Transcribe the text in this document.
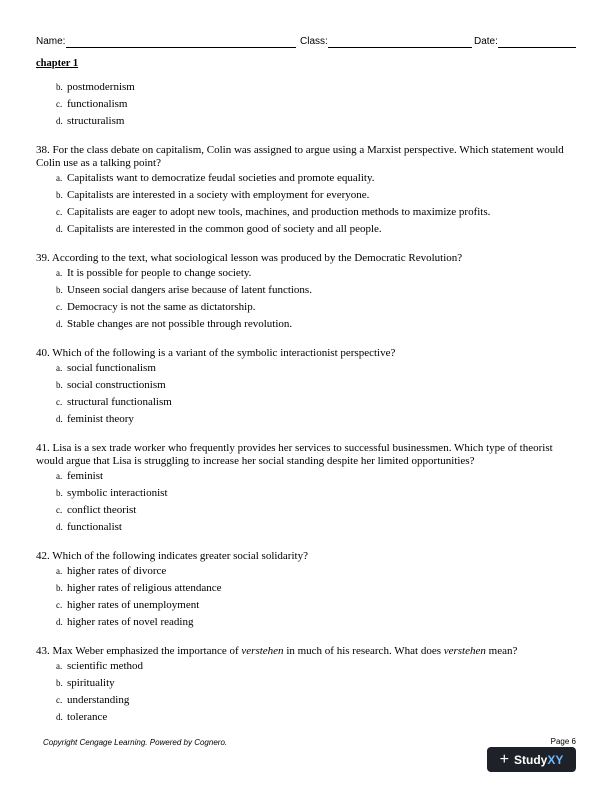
Name:	Class:	Date:
chapter 1
b. postmodernism
c. functionalism
d. structuralism
38. For the class debate on capitalism, Colin was assigned to argue using a Marxist perspective. Which statement would Colin use as a talking point?
a. Capitalists want to democratize feudal societies and promote equality.
b. Capitalists are interested in a society with employment for everyone.
c. Capitalists are eager to adopt new tools, machines, and production methods to maximize profits.
d. Capitalists are interested in the common good of society and all people.
39. According to the text, what sociological lesson was produced by the Democratic Revolution?
a. It is possible for people to change society.
b. Unseen social dangers arise because of latent functions.
c. Democracy is not the same as dictatorship.
d. Stable changes are not possible through revolution.
40. Which of the following is a variant of the symbolic interactionist perspective?
a. social functionalism
b. social constructionism
c. structural functionalism
d. feminist theory
41. Lisa is a sex trade worker who frequently provides her services to successful businessmen. Which type of theorist would argue that Lisa is struggling to increase her social standing despite her limited opportunities?
a. feminist
b. symbolic interactionist
c. conflict theorist
d. functionalist
42. Which of the following indicates greater social solidarity?
a. higher rates of divorce
b. higher rates of religious attendance
c. higher rates of unemployment
d. higher rates of novel reading
43. Max Weber emphasized the importance of verstehen in much of his research. What does verstehen mean?
a. scientific method
b. spirituality
c. understanding
d. tolerance
Copyright Cengage Learning. Powered by Cognero.	Page 6
+ StudyXY
